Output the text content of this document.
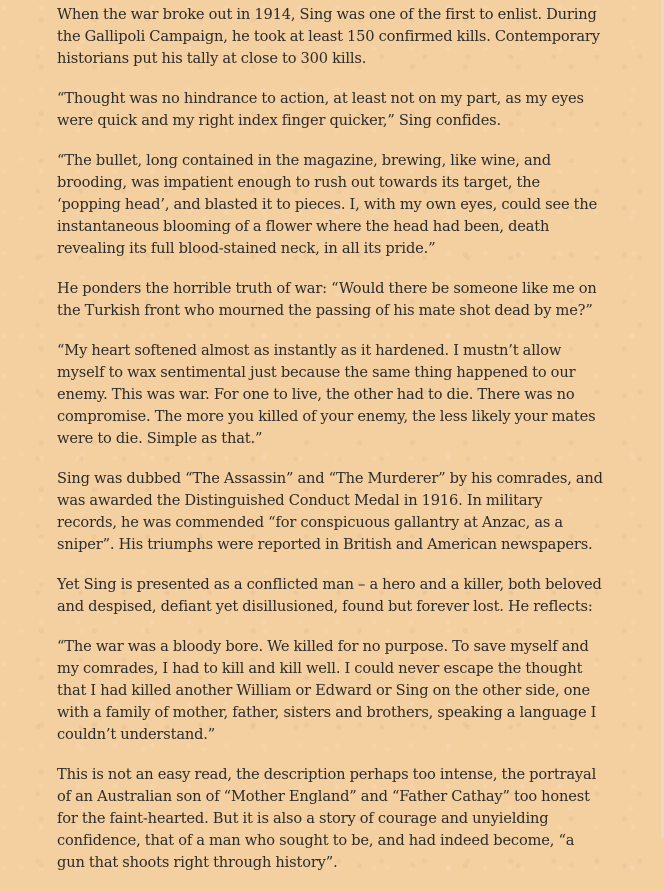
When the war broke out in 1914, Sing was one of the first to enlist. During the Gallipoli Campaign, he took at least 150 confirmed kills. Contemporary historians put his tally at close to 300 kills.

“Thought was no hindrance to action, at least not on my part, as my eyes were quick and my right index finger quicker,” Sing confides.

“The bullet, long contained in the magazine, brewing, like wine, and brooding, was impatient enough to rush out towards its target, the ‘popping head’, and blasted it to pieces. I, with my own eyes, could see the instantaneous blooming of a flower where the head had been, death revealing its full blood-stained neck, in all its pride.”

He ponders the horrible truth of war: “Would there be someone like me on the Turkish front who mourned the passing of his mate shot dead by me?”

“My heart softened almost as instantly as it hardened. I mustn’t allow myself to wax sentimental just because the same thing happened to our enemy. This was war. For one to live, the other had to die. There was no compromise. The more you killed of your enemy, the less likely your mates were to die. Simple as that.”

Sing was dubbed “The Assassin” and “The Murderer” by his comrades, and was awarded the Distinguished Conduct Medal in 1916. In military records, he was commended “for conspicuous gallantry at Anzac, as a sniper”. His triumphs were reported in British and American newspapers.

Yet Sing is presented as a conflicted man – a hero and a killer, both beloved and despised, defiant yet disillusioned, found but forever lost. He reflects:

“The war was a bloody bore. We killed for no purpose. To save myself and my comrades, I had to kill and kill well. I could never escape the thought that I had killed another William or Edward or Sing on the other side, one with a family of mother, father, sisters and brothers, speaking a language I couldn’t understand.”

This is not an easy read, the description perhaps too intense, the portrayal of an Australian son of “Mother England” and “Father Cathay” too honest for the faint-hearted. But it is also a story of courage and unyielding confidence, that of a man who sought to be, and had indeed become, “a gun that shoots right through history”.
